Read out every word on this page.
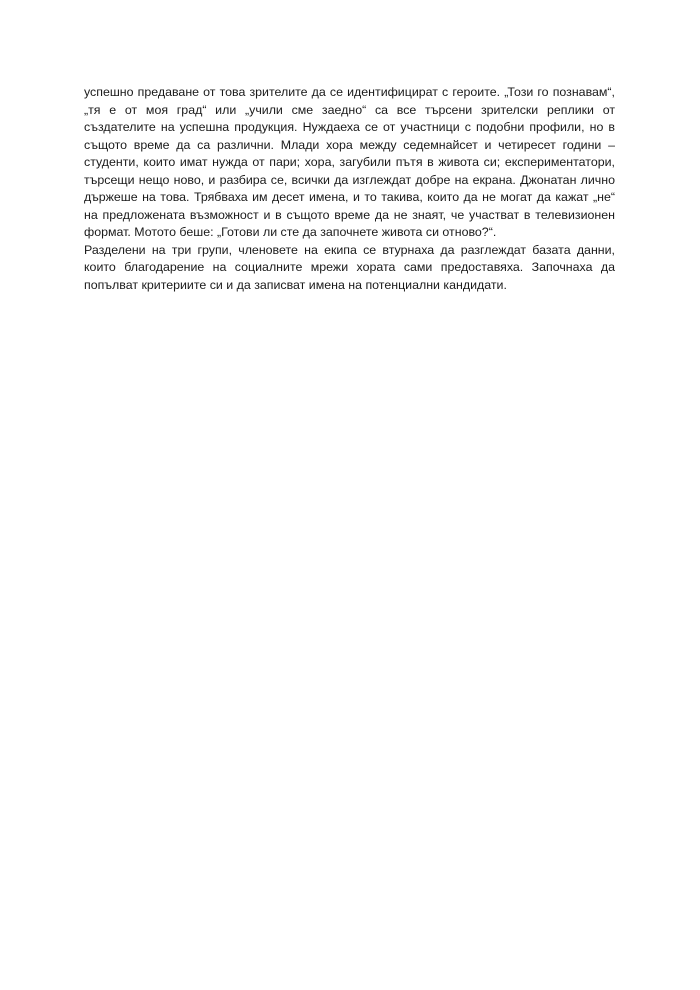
успешно предаване от това зрителите да се идентифицират с героите. „Този го познавам“, „тя е от моя град“ или „учили сме заедно“ са все търсени зрителски реплики от създателите на успешна продукция. Нуждаеха се от участници с подобни профили, но в същото време да са различни. Млади хора между седемнайсет и четиресет години – студенти, които имат нужда от пари; хора, загубили пътя в живота си; експериментатори, търсещи нещо ново, и разбира се, всички да изглеждат добре на екрана. Джонатан лично държеше на това. Трябваха им десет имена, и то такива, които да не могат да кажат „не“ на предложената възможност и в същото време да не знаят, че участват в телевизионен формат. Мотото беше: „Готови ли сте да започнете живота си отново?“.

Разделени на три групи, членовете на екипа се втурнаха да разглеждат базата данни, които благодарение на социалните мрежи хората сами предоставяха. Започнаха да попълват критериите си и да записват имена на потенциални кандидати.
